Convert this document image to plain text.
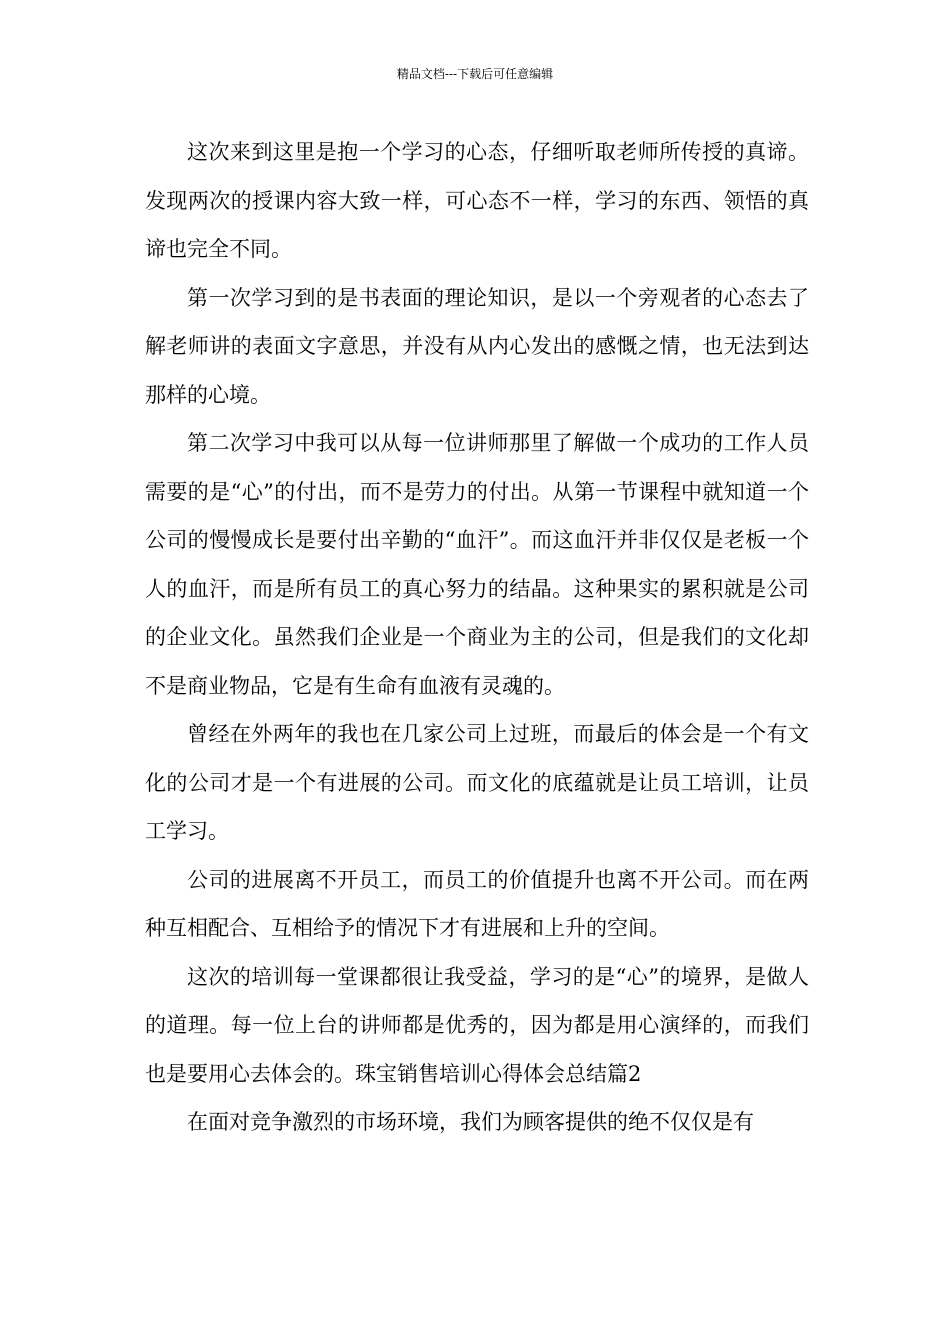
精品文档---下载后可任意编辑

这次来到这里是抱一个学习的心态，仔细听取老师所传授的真谛。发现两次的授课内容大致一样，可心态不一样，学习的东西、领悟的真谛也完全不同。

第一次学习到的是书表面的理论知识，是以一个旁观者的心态去了解老师讲的表面文字意思，并没有从内心发出的感慨之情，也无法到达那样的心境。

第二次学习中我可以从每一位讲师那里了解做一个成功的工作人员需要的是“心”的付出，而不是劳力的付出。从第一节课程中就知道一个公司的慢慢成长是要付出辛勤的“血汗”。而这血汗并非仅仅是老板一个人的血汗，而是所有员工的真心努力的结晶。这种果实的累积就是公司的企业文化。虽然我们企业是一个商业为主的公司，但是我们的文化却不是商业物品，它是有生命有血液有灵魂的。

曾经在外两年的我也在几家公司上过班，而最后的体会是一个有文化的公司才是一个有进展的公司。而文化的底蕴就是让员工培训，让员工学习。

公司的进展离不开员工，而员工的价值提升也离不开公司。而在两种互相配合、互相给予的情况下才有进展和上升的空间。

这次的培训每一堂课都很让我受益，学习的是“心”的境界，是做人的道理。每一位上台的讲师都是优秀的，因为都是用心演绎的，而我们也是要用心去体会的。珠宝销售培训心得体会总结篇2

在面对竞争激烈的市场环境，我们为顾客提供的绝不仅仅是有
